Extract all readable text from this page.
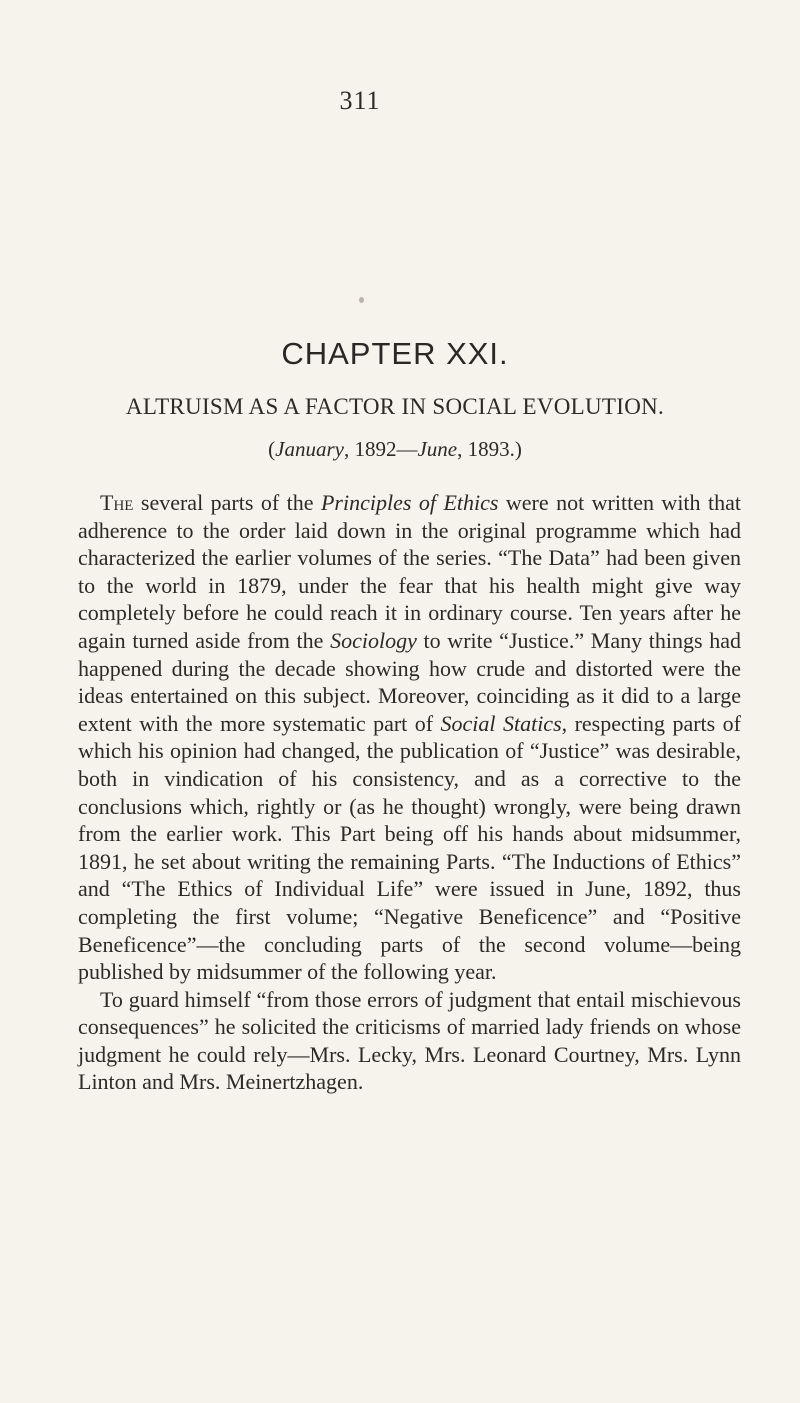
311
CHAPTER XXI.
ALTRUISM AS A FACTOR IN SOCIAL EVOLUTION.
(January, 1892—June, 1893.)

The several parts of the Principles of Ethics were not written with that adherence to the order laid down in the original programme which had characterized the earlier volumes of the series. “The Data” had been given to the world in 1879, under the fear that his health might give way completely before he could reach it in ordinary course. Ten years after he again turned aside from the Sociology to write “Justice.” Many things had happened during the decade showing how crude and distorted were the ideas entertained on this subject. Moreover, coinciding as it did to a large extent with the more systematic part of Social Statics, respecting parts of which his opinion had changed, the publication of “Justice” was desirable, both in vindication of his consistency, and as a corrective to the conclusions which, rightly or (as he thought) wrongly, were being drawn from the earlier work. This Part being off his hands about midsummer, 1891, he set about writing the remaining Parts. “The Inductions of Ethics” and “The Ethics of Individual Life” were issued in June, 1892, thus completing the first volume; “Negative Beneficence” and “Positive Beneficence”—the concluding parts of the second volume—being published by midsummer of the following year.

To guard himself “from those errors of judgment that entail mischievous consequences” he solicited the criticisms of married lady friends on whose judgment he could rely—Mrs. Lecky, Mrs. Leonard Courtney, Mrs. Lynn Linton and Mrs. Meinertzhagen.
